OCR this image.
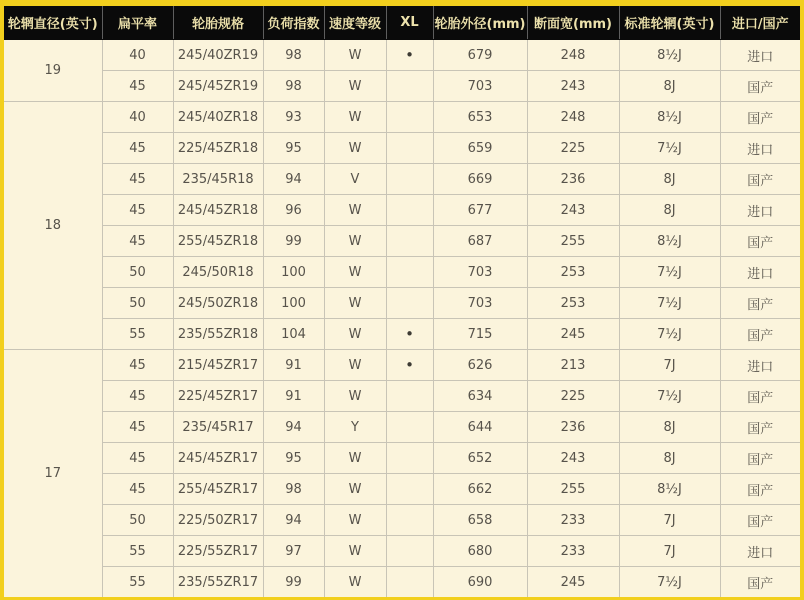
轮辋直径(英寸)	扁平率	轮胎规格	负荷指数	速度等级	XL	轮胎外径(mm)	断面宽(mm)	标准轮辋(英寸)	进口/国产
19	40	245/40ZR19	98	W	•	679	248	8½J	进口
	45	245/45ZR19	98	W		703	243	8J	国产
18	40	245/40ZR18	93	W		653	248	8½J	国产
	45	225/45ZR18	95	W		659	225	7½J	进口
	45	235/45R18	94	V		669	236	8J	国产
	45	245/45ZR18	96	W		677	243	8J	进口
	45	255/45ZR18	99	W		687	255	8½J	国产
	50	245/50R18	100	W		703	253	7½J	进口
	50	245/50ZR18	100	W		703	253	7½J	国产
	55	235/55ZR18	104	W	•	715	245	7½J	国产
17	45	215/45ZR17	91	W	•	626	213	7J	进口
	45	225/45ZR17	91	W		634	225	7½J	国产
	45	235/45R17	94	Y		644	236	8J	国产
	45	245/45ZR17	95	W		652	243	8J	国产
	45	255/45ZR17	98	W		662	255	8½J	国产
	50	225/50ZR17	94	W		658	233	7J	国产
	55	225/55ZR17	97	W		680	233	7J	进口
	55	235/55ZR17	99	W		690	245	7½J	国产
